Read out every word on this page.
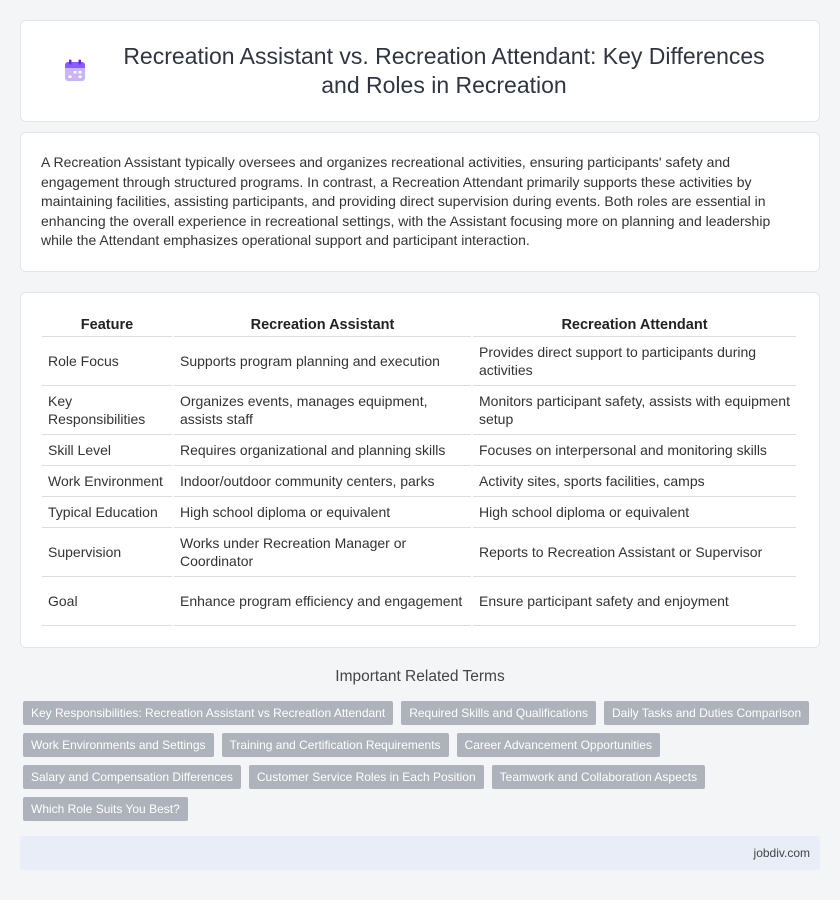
Recreation Assistant vs. Recreation Attendant: Key Differences and Roles in Recreation

A Recreation Assistant typically oversees and organizes recreational activities, ensuring participants' safety and engagement through structured programs. In contrast, a Recreation Attendant primarily supports these activities by maintaining facilities, assisting participants, and providing direct supervision during events. Both roles are essential in enhancing the overall experience in recreational settings, with the Assistant focusing more on planning and leadership while the Attendant emphasizes operational support and participant interaction.

Feature	Recreation Assistant	Recreation Attendant
Role Focus	Supports program planning and execution	Provides direct support to participants during activities
Key Responsibilities	Organizes events, manages equipment, assists staff	Monitors participant safety, assists with equipment setup
Skill Level	Requires organizational and planning skills	Focuses on interpersonal and monitoring skills
Work Environment	Indoor/outdoor community centers, parks	Activity sites, sports facilities, camps
Typical Education	High school diploma or equivalent	High school diploma or equivalent
Supervision	Works under Recreation Manager or Coordinator	Reports to Recreation Assistant or Supervisor
Goal	Enhance program efficiency and engagement	Ensure participant safety and enjoyment
Important Related Terms
Key Responsibilities: Recreation Assistant vs Recreation Attendant	Required Skills and Qualifications	Daily Tasks and Duties Comparison
Work Environments and Settings	Training and Certification Requirements	Career Advancement Opportunities
Salary and Compensation Differences	Customer Service Roles in Each Position	Teamwork and Collaboration Aspects
Which Role Suits You Best?
jobdiv.com
